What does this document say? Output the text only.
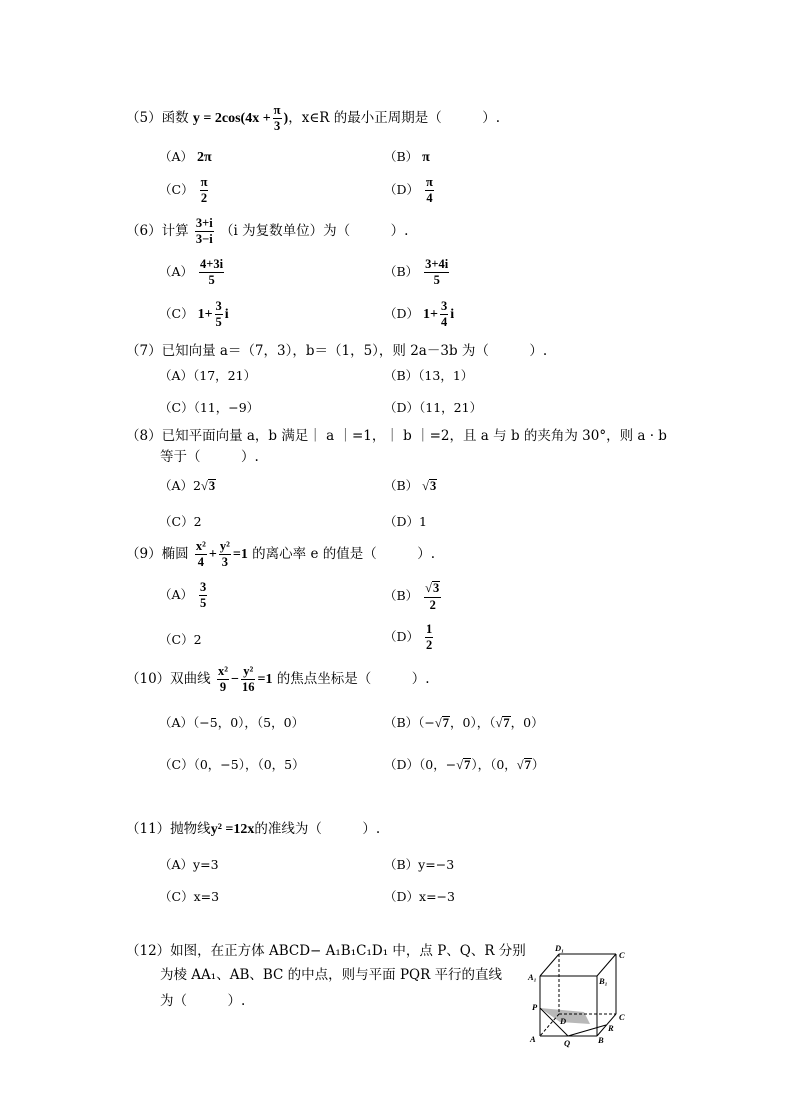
（5）函数 $y = 2\cos(4x + \frac{\pi}{3}$ )，x∈R 的最小正周期是（　　　）.
（A） 2π	（B） π
$(C) \frac{\pi}{2}$	$(D) \frac{\pi}{4}$
（6）计算 $\frac{3+i}{3-i} (i$ 为复数单位）为（　　　）.
$(A) \frac{4+3i}{5}$	$(B) \frac{3+4i}{5}$
（C） $1+ \frac{3}{5}$ i	（D） $1+ \frac{3}{4}$ i
（7）已知向量 a＝（7，3），b＝（1，5），则 2a－3b 为（　　　）.
（A）（17，21）	（B）（13，1）
（C）（11，−9）	（D）（11，21）
（8）已知平面向量 a，b 满足｜ a ｜=1，｜ b ｜=2，且 a 与 b 的夹角为 30°，则 a · b
等于（　　　）.
（A）2√3	（B） √3
（C）2	（D）1
（9）椭圆 $\frac{\text{x²}}{4} + \frac{\text{y²}}{3} =1$ 的离心率 e 的值是（　　　）.
$(A) \frac{3}{5}$	$(B) \frac{√3}{2}$
（C）2	$(D) \frac{1}{2}$
（10）双曲线 $\frac{\text{x²}}{9} - \frac{\text{y²}}{16} =1$ 的焦点坐标是（　　　）.
（A）（−5，0），（5，0）	（B）（−√7，0），（√7，0）
（C）（0，−5），（0，5）	（D）（0，−√7），（0，√7）
（11）抛物线y² =12x的准线为（　　　）.
（A）y=3	（B）y=−3
（C）x=3	（D）x=−3
（12）如图，在正方体 ABCD− A₁B₁C₁D₁ 中，点 P、Q、R 分别
为棱 AA₁、AB、BC 的中点，则与平面 PQR 平行的直线
为（　　　）.
D₁
C
A₁	B₁
P
D	C
R
A	Q	B
